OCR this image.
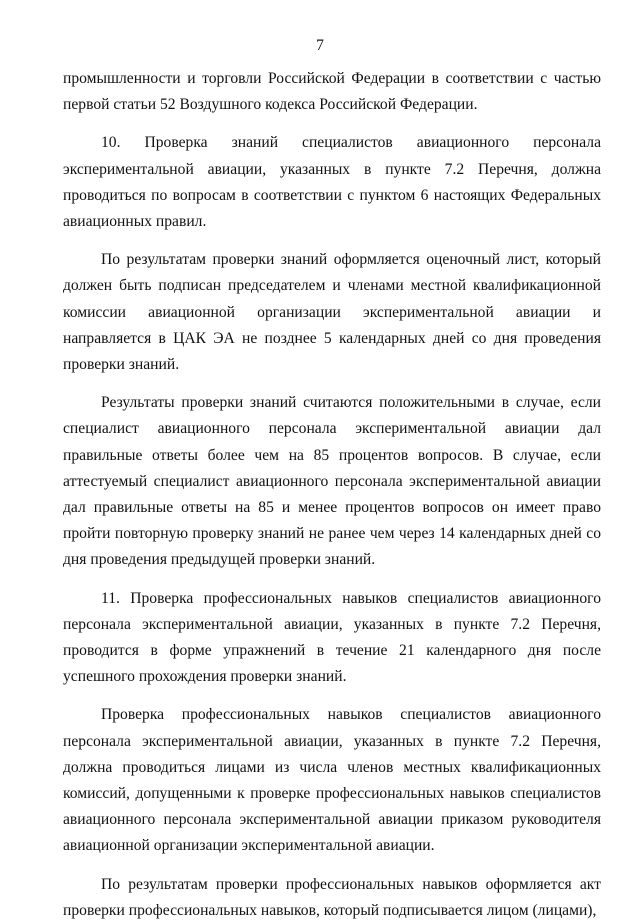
7

промышленности и торговли Российской Федерации в соответствии с частью первой статьи 52 Воздушного кодекса Российской Федерации.

10.   Проверка   знаний   специалистов   авиационного   персонала экспериментальной авиации, указанных в пункте 7.2 Перечня, должна проводиться по вопросам в соответствии с пунктом 6 настоящих Федеральных авиационных правил.

По результатам проверки знаний оформляется оценочный лист, который должен быть подписан председателем и членами местной квалификационной комиссии авиационной организации экспериментальной авиации и направляется в ЦАК ЭА не позднее 5 календарных дней со дня проведения проверки знаний.

Результаты проверки знаний считаются положительными в случае, если специалист авиационного персонала экспериментальной авиации дал правильные ответы более чем на 85 процентов вопросов. В случае, если аттестуемый специалист авиационного персонала экспериментальной авиации дал правильные ответы на 85 и менее процентов вопросов он имеет право пройти повторную проверку знаний не ранее чем через 14 календарных дней со дня проведения предыдущей проверки знаний.

11. Проверка профессиональных навыков специалистов авиационного персонала экспериментальной авиации, указанных в пункте 7.2 Перечня, проводится в форме упражнений в течение 21 календарного дня после успешного прохождения проверки знаний.

Проверка профессиональных навыков специалистов авиационного персонала экспериментальной авиации, указанных в пункте 7.2 Перечня, должна проводиться лицами из числа членов местных квалификационных комиссий, допущенными к проверке профессиональных навыков специалистов авиационного персонала экспериментальной авиации приказом руководителя авиационной организации экспериментальной авиации.

По результатам проверки профессиональных навыков оформляется акт проверки профессиональных навыков, который подписывается лицом (лицами),
